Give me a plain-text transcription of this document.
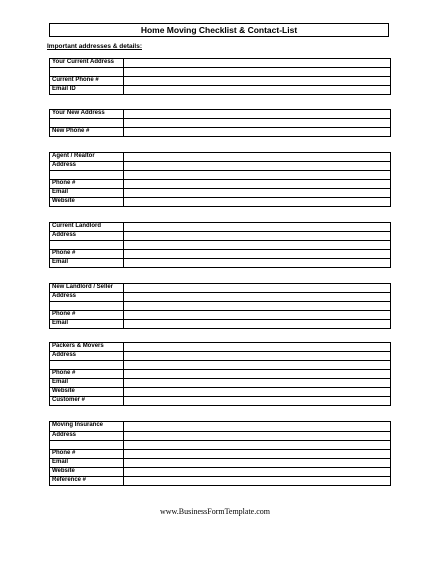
Home Moving Checklist & Contact-List
Important addresses & details:
Your Current Address	

Current Phone #	
Email ID	
Your New Address	

New Phone #	
Agent / Realtor	
Address	

Phone #	
Email	
Website	
Current Landlord	
Address	

Phone #	
Email	
New Landlord / Seller	
Address	

Phone #	
Email	
Packers & Movers	
Address	

Phone #	
Email	
Website	
Customer #	
Moving Insurance	
Address	

Phone #	
Email	
Website	
Reference #	
www.BusinessFormTemplate.com
